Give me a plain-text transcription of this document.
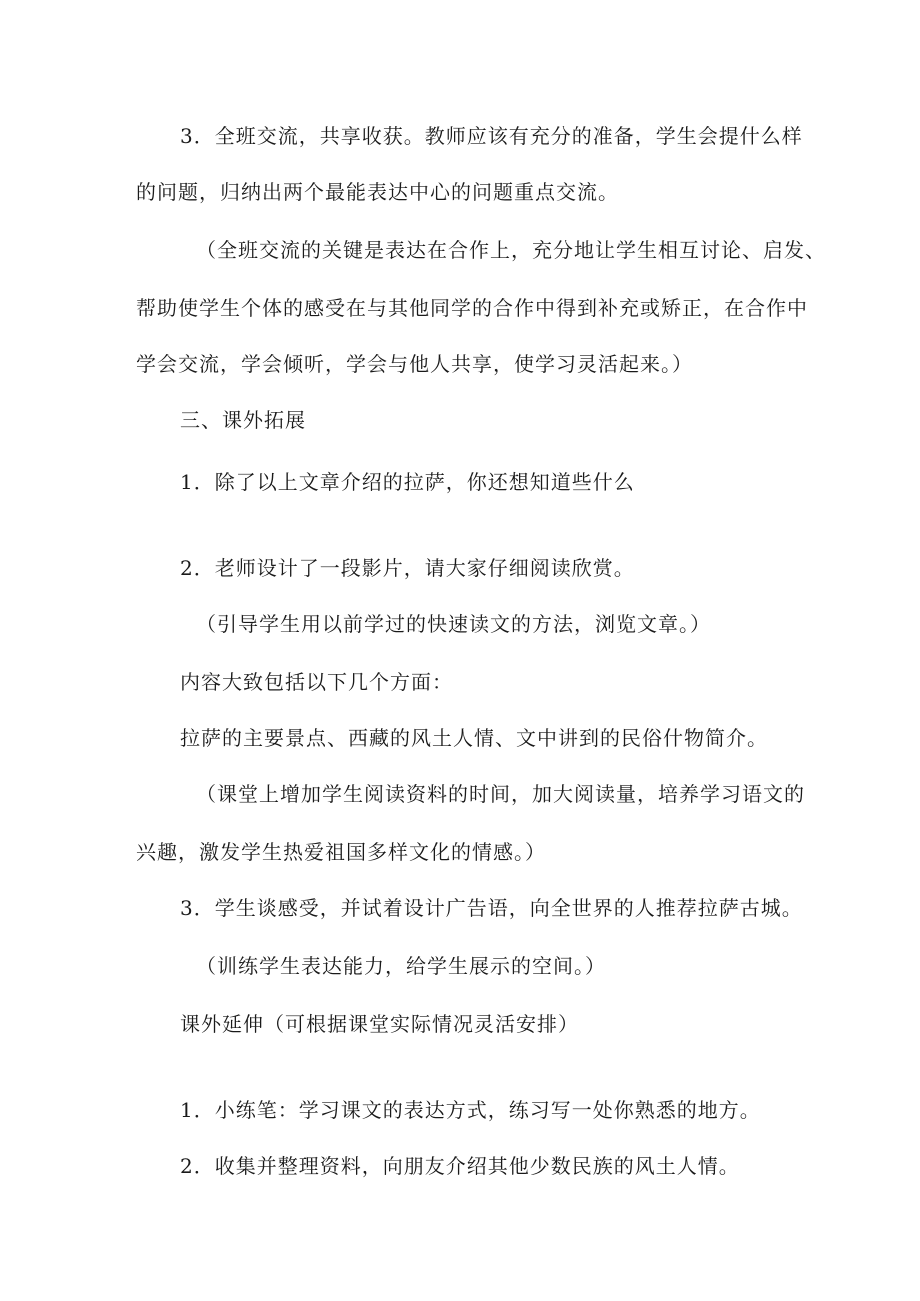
3．全班交流，共享收获。教师应该有充分的准备，学生会提什么样
的问题，归纳出两个最能表达中心的问题重点交流。
（全班交流的关键是表达在合作上，充分地让学生相互讨论、启发、
帮助使学生个体的感受在与其他同学的合作中得到补充或矫正，在合作中
学会交流，学会倾听，学会与他人共享，使学习灵活起来。）
三、课外拓展
1．除了以上文章介绍的拉萨，你还想知道些什么
2．老师设计了一段影片，请大家仔细阅读欣赏。
（引导学生用以前学过的快速读文的方法，浏览文章。）
内容大致包括以下几个方面：
拉萨的主要景点、西藏的风土人情、文中讲到的民俗什物简介。
（课堂上增加学生阅读资料的时间，加大阅读量，培养学习语文的
兴趣，激发学生热爱祖国多样文化的情感。）
3．学生谈感受，并试着设计广告语，向全世界的人推荐拉萨古城。
（训练学生表达能力，给学生展示的空间。）
课外延伸（可根据课堂实际情况灵活安排）
1．小练笔：学习课文的表达方式，练习写一处你熟悉的地方。
2．收集并整理资料，向朋友介绍其他少数民族的风土人情。
